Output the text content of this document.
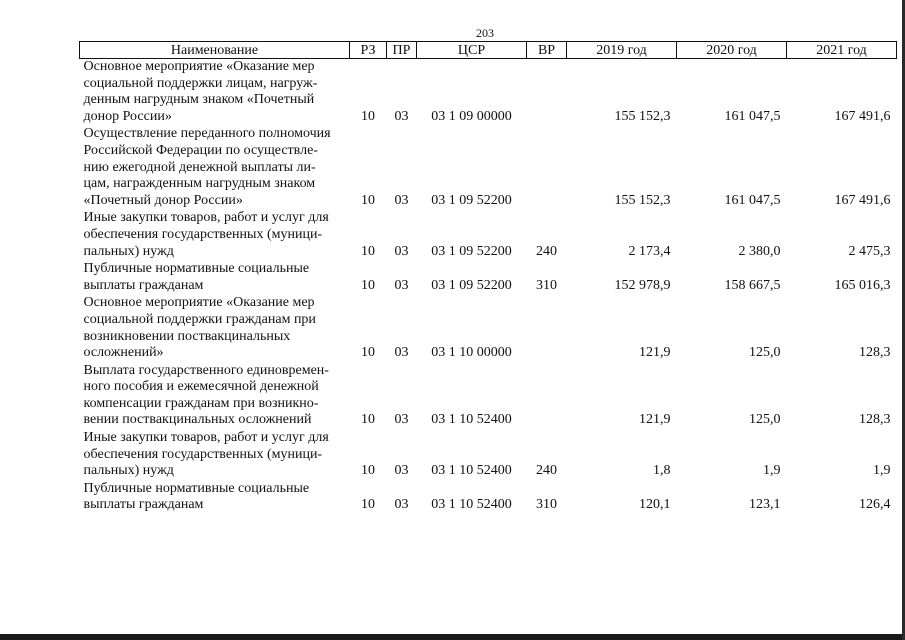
203
Наименование	РЗ	ПР	ЦСР	ВР	2019 год	2020 год	2021 год

Основное мероприятие «Оказание мер
социальной поддержки лицам, нагруж-
денным нагрудным знаком «Почетный
донор России»	10	03	03 1 09 00000		155 152,3	161 047,5	167 491,6

Осуществление переданного полномочия
Российской Федерации по осуществле-
нию ежегодной денежной выплаты ли-
цам, награжденным нагрудным знаком
«Почетный донор России»	10	03	03 1 09 52200		155 152,3	161 047,5	167 491,6

Иные закупки товаров, работ и услуг для
обеспечения государственных (муници-
пальных) нужд	10	03	03 1 09 52200	240	2 173,4	2 380,0	2 475,3

Публичные нормативные социальные
выплаты гражданам	10	03	03 1 09 52200	310	152 978,9	158 667,5	165 016,3

Основное мероприятие «Оказание мер
социальной поддержки гражданам при
возникновении поствакцинальных
осложнений»	10	03	03 1 10 00000		121,9	125,0	128,3

Выплата государственного единовремен-
ного пособия и ежемесячной денежной
компенсации гражданам при возникно-
вении поствакцинальных осложнений	10	03	03 1 10 52400		121,9	125,0	128,3

Иные закупки товаров, работ и услуг для
обеспечения государственных (муници-
пальных) нужд	10	03	03 1 10 52400	240	1,8	1,9	1,9

Публичные нормативные социальные
выплаты гражданам	10	03	03 1 10 52400	310	120,1	123,1	126,4
